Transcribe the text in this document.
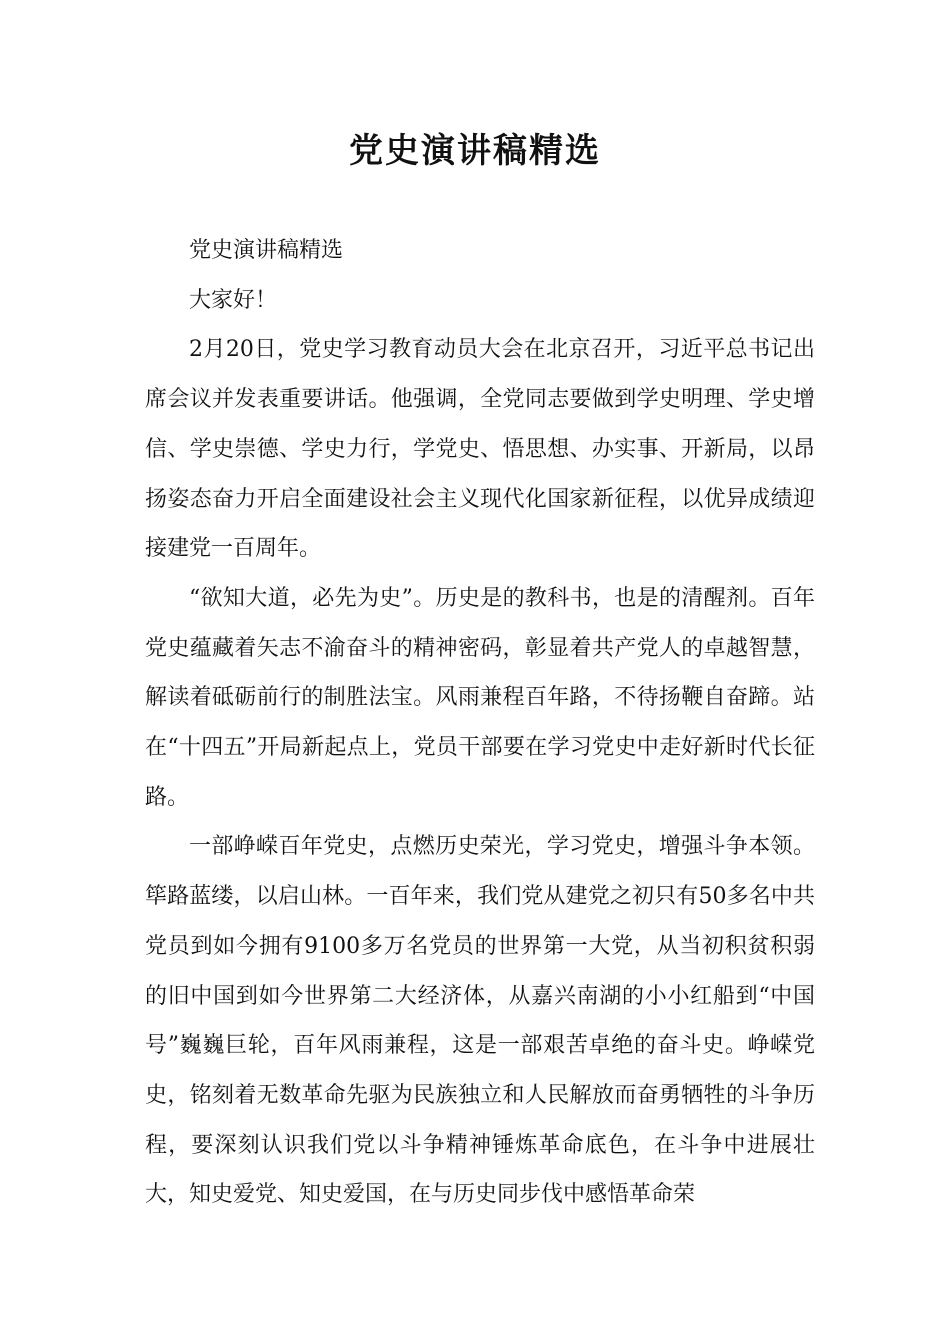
党史演讲稿精选

党史演讲稿精选

大家好！

2月20日，党史学习教育动员大会在北京召开，习近平总书记出席会议并发表重要讲话。他强调，全党同志要做到学史明理、学史增信、学史崇德、学史力行，学党史、悟思想、办实事、开新局，以昂扬姿态奋力开启全面建设社会主义现代化国家新征程，以优异成绩迎接建党一百周年。

“欲知大道，必先为史”。历史是的教科书，也是的清醒剂。百年党史蕴藏着矢志不渝奋斗的精神密码，彰显着共产党人的卓越智慧，解读着砥砺前行的制胜法宝。风雨兼程百年路，不待扬鞭自奋蹄。站在“十四五”开局新起点上，党员干部要在学习党史中走好新时代长征路。

一部峥嵘百年党史，点燃历史荣光，学习党史，增强斗争本领。筚路蓝缕，以启山林。一百年来，我们党从建党之初只有50多名中共党员到如今拥有9100多万名党员的世界第一大党，从当初积贫积弱的旧中国到如今世界第二大经济体，从嘉兴南湖的小小红船到“中国号”巍巍巨轮，百年风雨兼程，这是一部艰苦卓绝的奋斗史。峥嵘党史，铭刻着无数革命先驱为民族独立和人民解放而奋勇牺牲的斗争历程，要深刻认识我们党以斗争精神锤炼革命底色，在斗争中进展壮大，知史爱党、知史爱国，在与历史同步伐中感悟革命荣
